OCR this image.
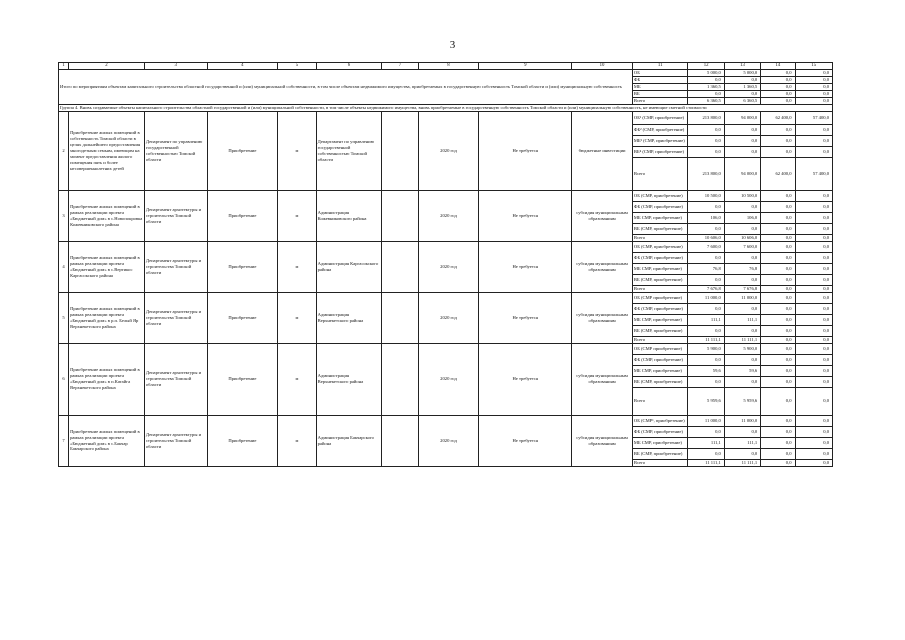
3
1	2	3	4	5	6	7	8	9	10	11	12	13	14	15
Итого по мероприятиям объектам капитального строительства областной государственной и (или) муниципальной собственности, в том числе объектам недвижимого имущества, приобретаемых в государственную собственность Томской области и (или) муниципальную собственность										ОБ	5 000,0	5 000,0	0,0	0,0
										ФБ	0,0	0,0	0,0	0,0
										МБ	1 360,5	1 360,5	0,0	0,0
										ВБ	0,0	0,0	0,0	0,0
										Всего	6 360,5	6 360,5	0,0	0,0
Группа 4. Вновь создаваемые объекты капитального строительства областной государственной и (или) муниципальной собственности, в том числе объекты недвижимого имущества, вновь приобретаемые в государственную собственность Томской области и (или) муниципальную собственность, не имеющие сметной стоимости														
2	Приобретение жилых помещений в собственность Томской области в целях дальнейшего предоставления многодетным семьям, имеющим на момент предоставления жилого помещения пять и более несовершеннолетних детей	Департамент по управлению государственной собственностью Томской области	Приобретение	м	Департамент по управлению государственной собственностью Томской области		2020 год	Не требуется	бюджетные инвестиции	ОБ¹ (СМР, приобретение)	213 800,0	94 000,0	62 400,0	57 400,0
										ФБ² (СМР, приобретение)	0,0	0,0	0,0	0,0
										МБ³ (СМР, приобретение)	0,0	0,0	0,0	0,0
										ВБ⁴ (СМР, приобретение)	0,0	0,0	0,0	0,0
										Всего	213 800,0	94 000,0	62 400,0	57 400,0
3	Приобретение жилых помещений в рамках реализации проекта «Бюджетный дом» в с.Новопокровка Кожевниковского района	Департамент архитектуры и строительства Томской области	Приобретение	м	Администрация Кожевниковского района		2020 год	Не требуется	субсидия муниципальным образованиям	ОБ (СМР, приобретение)	10 500,0	10 500,0	0,0	0,0
										ФБ (СМР, приобретение)	0,0	0,0	0,0	0,0
										МБ СМР, приобретение)	106,0	106,0	0,0	0,0
										ВБ (СМР, приобретение)	0,0	0,0	0,0	0,0
										Всего	10 606,0	10 606,0	0,0	0,0
4	Приобретение жилых помещений в рамках реализации проекта «Бюджетный дом» в с.Вертикос Каргасокского района	Департамент архитектуры и строительства Томской области	Приобретение	м	Администрация Каргасокского района		2020 год	Не требуется	субсидия муниципальным образованиям	ОБ (СМР, приобретение)	7 600,0	7 600,0	0,0	0,0
										ФБ (СМР, приобретение)	0,0	0,0	0,0	0,0
										МБ СМР, приобретение)	76,8	76,8	0,0	0,0
										ВБ (СМР, приобретение)	0,0	0,0	0,0	0,0
										Всего	7 676,8	7 676,8	0,0	0,0
5	Приобретение жилых помещений в рамках реализации проекта «Бюджетный дом» в р.п. Белый Яр Верхнекетского района	Департамент архитектуры и строительства Томской области	Приобретение	м	Администрация Верхнекетского района		2020 год	Не требуется	субсидия муниципальным образованиям	ОБ (СМР приобретение)	11 000,0	11 000,0	0,0	0,0
										ФБ (СМР, приобретение)	0,0	0,0	0,0	0,0
										МБ СМР, приобретение)	111,1	111,1	0,0	0,0
										ВБ (СМР, приобретение)	0,0	0,0	0,0	0,0
										Всего	11 111,1	11 111,1	0,0	0,0
6	Приобретение жилых помещений в рамках реализации проекта «Бюджетный дом» в п.Катайга Верхнекетского района	Департамент архитектуры и строительства Томской области	Приобретение	м	Администрация Верхнекетского района		2020 год	Не требуется	субсидия муниципальным образованиям	ОБ (СМР приобретение)	5 900,0	5 900,0	0,0	0,0
										ФБ (СМР, приобретение)	0,0	0,0	0,0	0,0
										МБ СМР, приобретение)	59,6	59,6	0,0	0,0
										ВБ (СМР, приобретение)	0,0	0,0	0,0	0,0
										Всего	5 959,6	5 959,6	0,0	0,0
7	Приобретение жилых помещений в рамках реализации проекта «Бюджетный дом» в с.Бакчар Бакчарского района	Департамент архитектуры и строительства Томской области	Приобретение	м	Администрация Бакчарского района		2020 год	Не требуется	субсидия муниципальным образованиям	ОБ (СМР¹, приобретение)	11 000,0	11 000,0	0,0	0,0
										ФБ (СМР, приобретение)	0,0	0,0	0,0	0,0
										МБ СМР, приобретение)	111,1	111,1	0,0	0,0
										ВБ (СМР, приобретение)	0,0	0,0	0,0	0,0
										Всего	11 111,1	11 111,1	0,0	0,0
